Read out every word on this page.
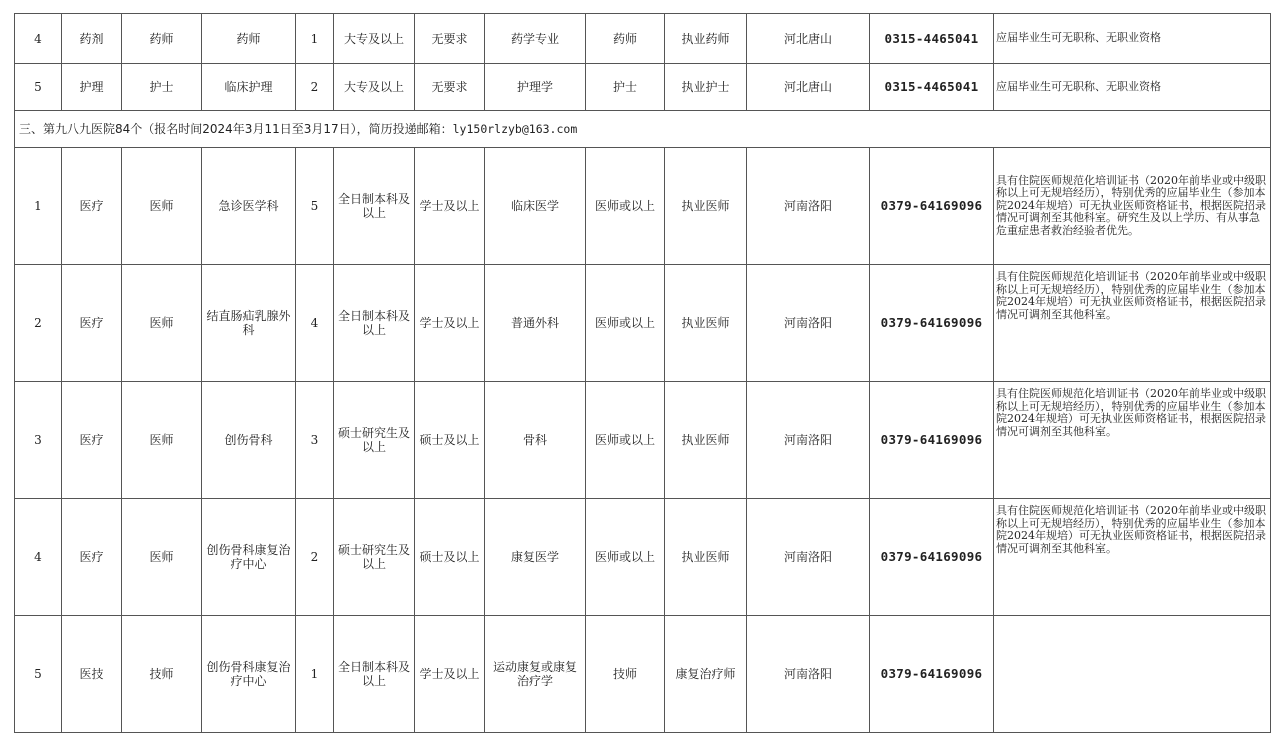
4	药剂	药师	药师	1	大专及以上	无要求	药学专业	药师	执业药师	河北唐山	0315-4465041	应届毕业生可无职称、无职业资格
5	护理	护士	临床护理	2	大专及以上	无要求	护理学	护士	执业护士	河北唐山	0315-4465041	应届毕业生可无职称、无职业资格
三、第九八九医院84个（报名时间2024年3月11日至3月17日），简历投递邮箱：ly150rlzyb@163.com												
1	医疗	医师	急诊医学科	5	全日制本科及以上	学士及以上	临床医学	医师或以上	执业医师	河南洛阳	0379-64169096	具有住院医师规范化培训证书（2020年前毕业或中级职称以上可无规培经历），特别优秀的应届毕业生（参加本院2024年规培）可无执业医师资格证书，根据医院招录情况可调剂至其他科室。研究生及以上学历、有从事急危重症患者救治经验者优先。
2	医疗	医师	结直肠疝乳腺外科	4	全日制本科及以上	学士及以上	普通外科	医师或以上	执业医师	河南洛阳	0379-64169096	具有住院医师规范化培训证书（2020年前毕业或中级职称以上可无规培经历），特别优秀的应届毕业生（参加本院2024年规培）可无执业医师资格证书，根据医院招录情况可调剂至其他科室。
3	医疗	医师	创伤骨科	3	硕士研究生及以上	硕士及以上	骨科	医师或以上	执业医师	河南洛阳	0379-64169096	具有住院医师规范化培训证书（2020年前毕业或中级职称以上可无规培经历），特别优秀的应届毕业生（参加本院2024年规培）可无执业医师资格证书，根据医院招录情况可调剂至其他科室。
4	医疗	医师	创伤骨科康复治疗中心	2	硕士研究生及以上	硕士及以上	康复医学	医师或以上	执业医师	河南洛阳	0379-64169096	具有住院医师规范化培训证书（2020年前毕业或中级职称以上可无规培经历），特别优秀的应届毕业生（参加本院2024年规培）可无执业医师资格证书，根据医院招录情况可调剂至其他科室。
5	医技	技师	创伤骨科康复治疗中心	1	全日制本科及以上	学士及以上	运动康复或康复治疗学	技师	康复治疗师	河南洛阳	0379-64169096	
